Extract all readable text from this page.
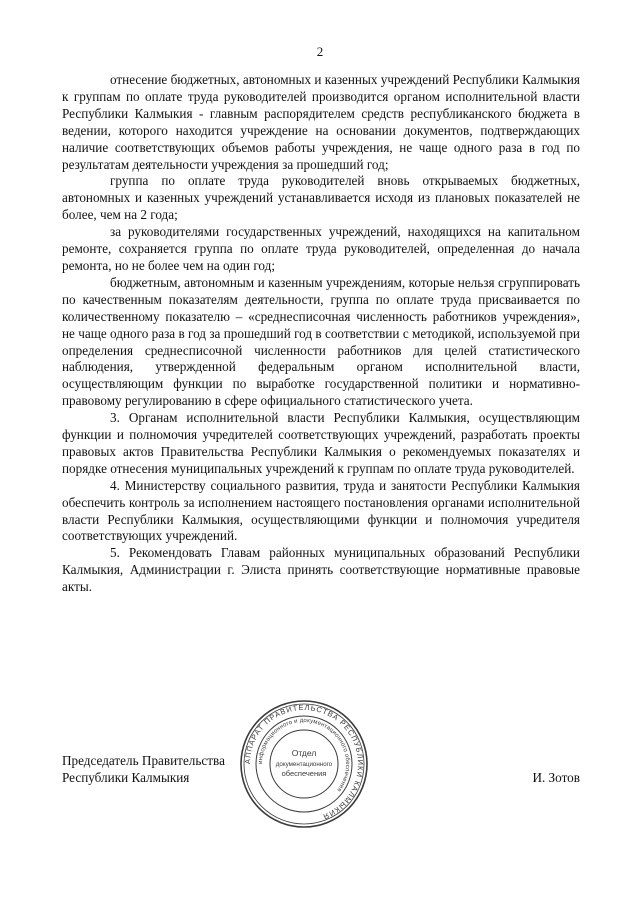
2

отнесение бюджетных, автономных и казенных учреждений Республики Калмыкия к группам по оплате труда руководителей производится органом исполнительной власти Республики Калмыкия - главным распорядителем средств республиканского бюджета в ведении, которого находится учреждение на основании документов, подтверждающих наличие соответствующих объемов работы учреждения, не чаще одного раза в год по результатам деятельности учреждения за прошедший год;

группа по оплате труда руководителей вновь открываемых бюджетных, автономных и казенных учреждений устанавливается исходя из плановых показателей не более, чем на 2 года;

за руководителями государственных учреждений, находящихся на капитальном ремонте, сохраняется группа по оплате труда руководителей, определенная до начала ремонта, но не более чем на один год;

бюджетным, автономным и казенным учреждениям, которые нельзя сгруппировать по качественным показателям деятельности, группа по оплате труда присваивается по количественному показателю – «среднесписочная численность работников учреждения», не чаще одного раза в год за прошедший год в соответствии с методикой, используемой при определения среднесписочной численности работников для целей статистического наблюдения, утвержденной федеральным органом исполнительной власти, осуществляющим функции по выработке государственной политики и нормативно-правовому регулированию в сфере официального статистического учета.

3. Органам исполнительной власти Республики Калмыкия, осуществляющим функции и полномочия учредителей соответствующих учреждений, разработать проекты правовых актов Правительства Республики Калмыкия о рекомендуемых показателях и порядке отнесения муниципальных учреждений к группам по оплате труда руководителей.

4. Министерству социального развития, труда и занятости Республики Калмыкия обеспечить контроль за исполнением настоящего постановления органами исполнительной власти Республики Калмыкия, осуществляющими функции и полномочия учредителя соответствующих учреждений.

5. Рекомендовать Главам районных муниципальных образований Республики Калмыкия, Администрации г. Элиста принять соответствующие нормативные правовые акты.

АППАРАТ ПРАВИТЕЛЬСТВА РЕСПУБЛИКИ КАЛМЫКИЯ
информационного и документационного обеспечения
Отдел
документационного
обеспечения
Председатель Правительства
Республики Калмыкия	И. Зотов
